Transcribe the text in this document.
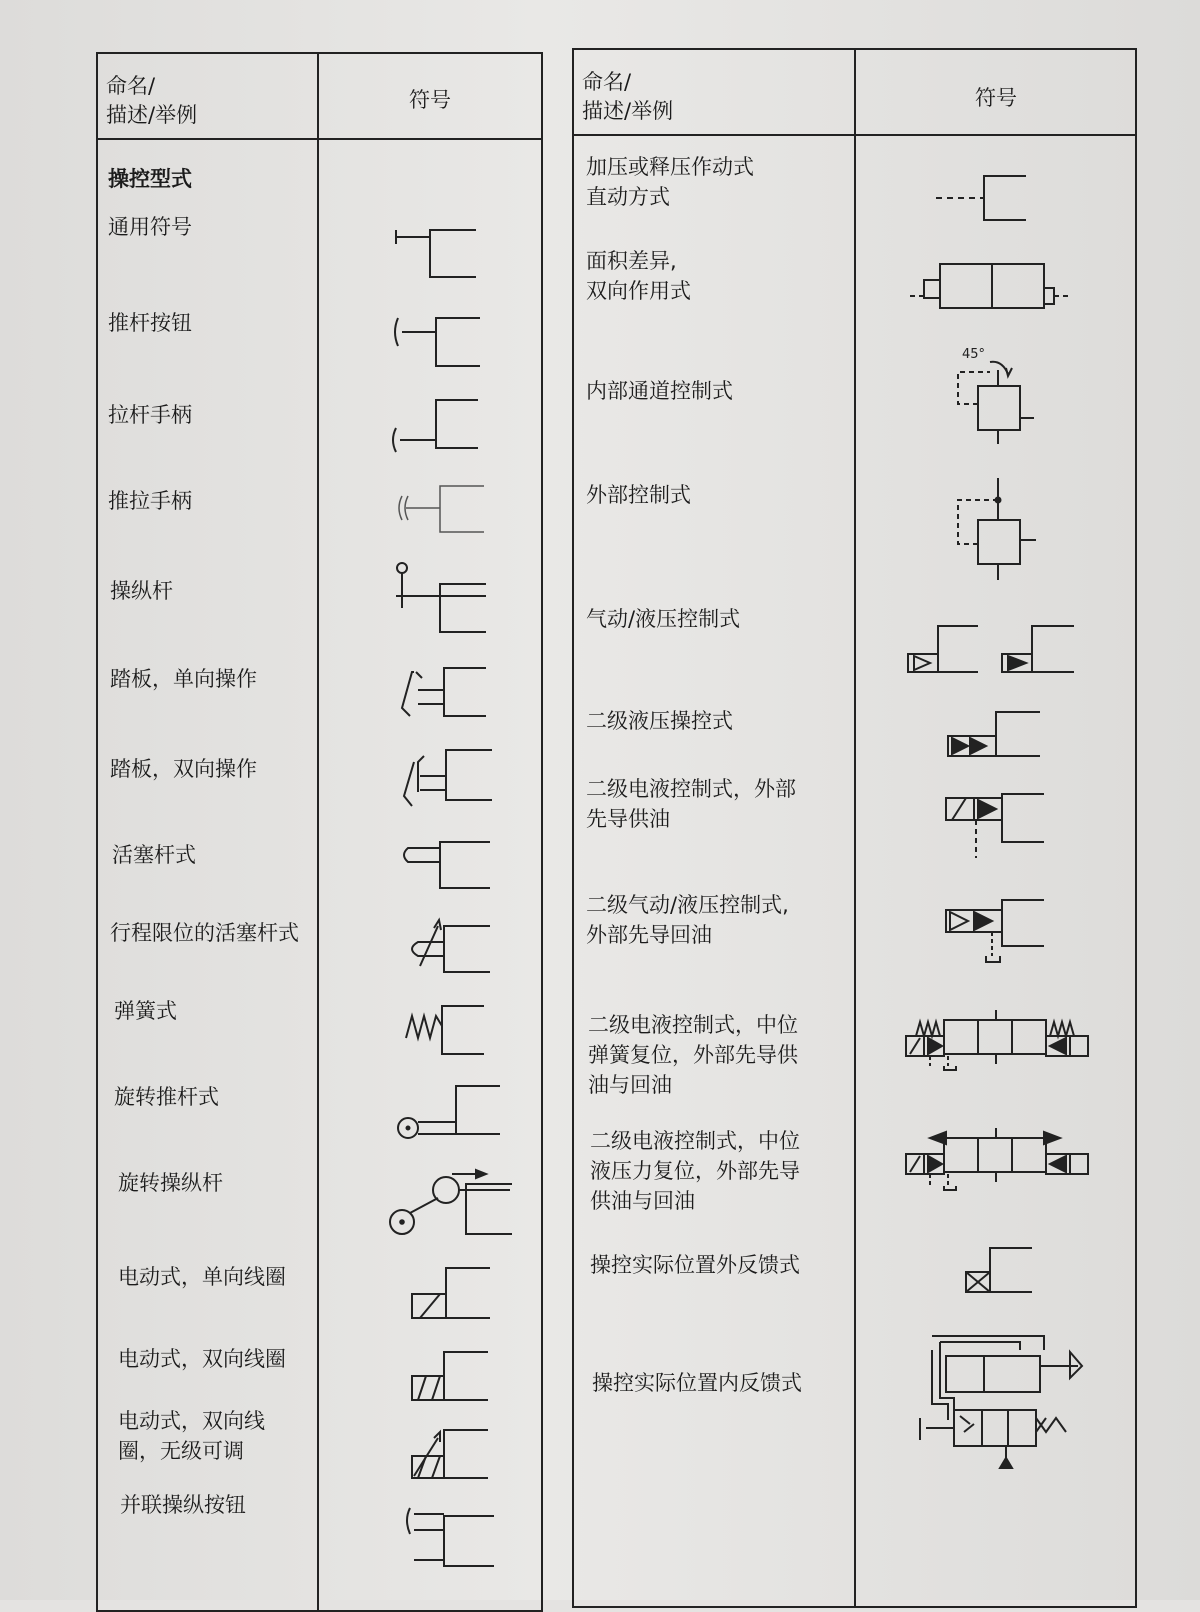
命名/
描述/举例
符号
操控型式
通用符号
推杆按钮
拉杆手柄
推拉手柄
操纵杆
踏板，单向操作
踏板，双向操作
活塞杆式
行程限位的活塞杆式
弹簧式
旋转推杆式
旋转操纵杆
电动式，单向线圈
电动式，双向线圈
电动式，双向线
圈，无级可调
并联操纵按钮
命名/
描述/举例
符号
加压或释压作动式
直动方式
面积差异,
双向作用式
内部通道控制式
外部控制式
气动/液压控制式
二级液压操控式
二级电液控制式，外部
先导供油
二级气动/液压控制式,
外部先导回油
二级电液控制式，中位
弹簧复位，外部先导供
油与回油
二级电液控制式，中位
液压力复位，外部先导
供油与回油
操控实际位置外反馈式
操控实际位置内反馈式
45°
